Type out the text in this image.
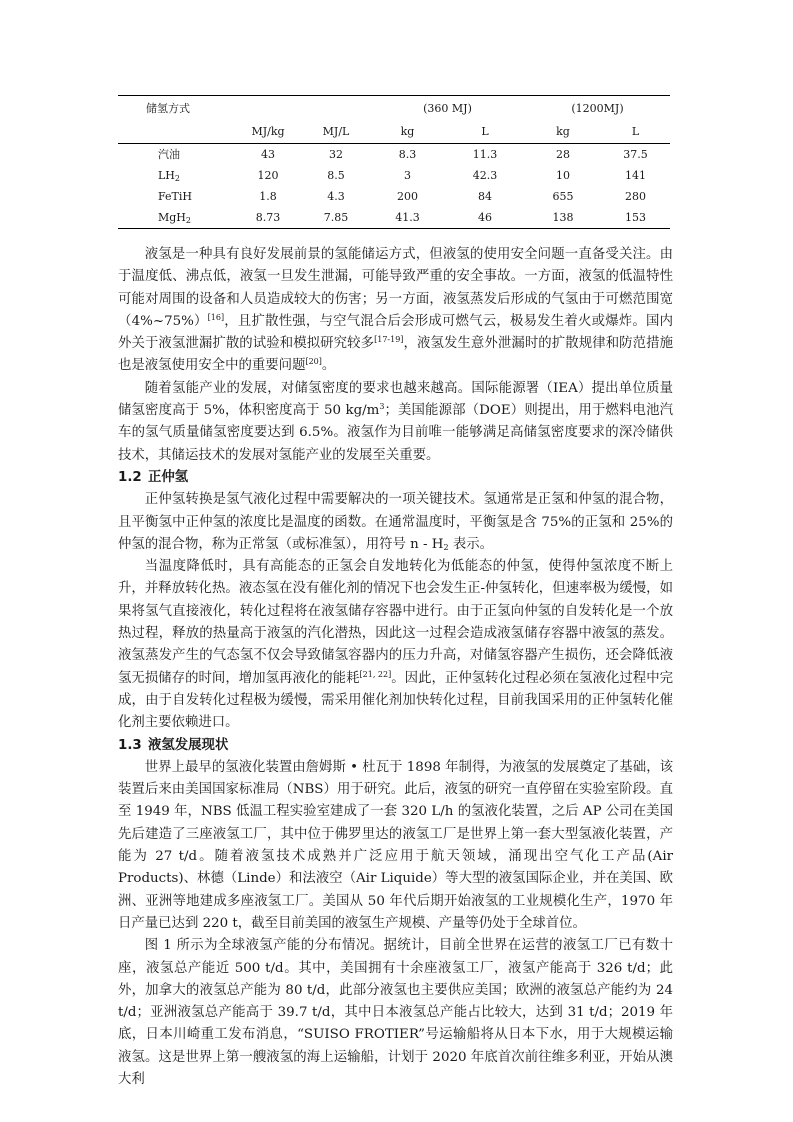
储氢方式			(360 MJ)		(1200MJ)	
	MJ/kg	MJ/L	kg	L	kg	L
汽油	43	32	8.3	11.3	28	37.5
$LH_2$	120	8.5	3	42.3	10	141
FeTiH	1.8	4.3	200	84	655	280
MgH$_2$	8.73	7.85	41.3	46	138	153

液氢是一种具有良好发展前景的氢能储运方式，但液氢的使用安全问题一直备受关注。由于温度低、沸点低，液氢一旦发生泄漏，可能导致严重的安全事故。一方面，液氢的低温特性可能对周围的设备和人员造成较大的伤害；另一方面，液氢蒸发后形成的气氢由于可燃范围宽（4%~75%）[16]，且扩散性强，与空气混合后会形成可燃气云，极易发生着火或爆炸。国内外关于液氢泄漏扩散的试验和模拟研究较多[17-19]，液氢发生意外泄漏时的扩散规律和防范措施也是液氢使用安全中的重要问题[20]。

随着氢能产业的发展，对储氢密度的要求也越来越高。国际能源署（IEA）提出单位质量储氢密度高于 5%，体积密度高于 50 $kg/m^3$；美国能源部（DOE）则提出，用于燃料电池汽车的氢气质量储氢密度要达到 6.5%。液氢作为目前唯一能够满足高储氢密度要求的深冷储供技术，其储运技术的发展对氢能产业的发展至关重要。

1.2 正仲氢

正仲氢转换是氢气液化过程中需要解决的一项关键技术。氢通常是正氢和仲氢的混合物，且平衡氢中正仲氢的浓度比是温度的函数。在通常温度时，平衡氢是含 75%的正氢和 25%的仲氢的混合物，称为正常氢（或标准氢），用符号 n - $H_2$ 表示。

当温度降低时，具有高能态的正氢会自发地转化为低能态的仲氢，使得仲氢浓度不断上升，并释放转化热。液态氢在没有催化剂的情况下也会发生正-仲氢转化，但速率极为缓慢，如果将氢气直接液化，转化过程将在液氢储存容器中进行。由于正氢向仲氢的自发转化是一个放热过程，释放的热量高于液氢的汽化潜热，因此这一过程会造成液氢储存容器中液氢的蒸发。液氢蒸发产生的气态氢不仅会导致储氢容器内的压力升高，对储氢容器产生损伤，还会降低液氢无损储存的时间，增加氢再液化的能耗[21, 22]。因此，正仲氢转化过程必须在氢液化过程中完成，由于自发转化过程极为缓慢，需采用催化剂加快转化过程，目前我国采用的正仲氢转化催化剂主要依赖进口。

1.3 液氢发展现状

世界上最早的氢液化装置由詹姆斯 • 杜瓦于 1898 年制得，为液氢的发展奠定了基础，该装置后来由美国国家标准局（NBS）用于研究。此后，液氢的研究一直停留在实验室阶段。直至 1949 年，NBS 低温工程实验室建成了一套 320 L/h 的氢液化装置，之后 AP 公司在美国先后建造了三座液氢工厂，其中位于佛罗里达的液氢工厂是世界上第一套大型氢液化装置，产能为 27 t/d。随着液氢技术成熟并广泛应用于航天领域，涌现出空气化工产品(Air Products)、林德（Linde）和法液空（Air Liquide）等大型的液氢国际企业，并在美国、欧洲、亚洲等地建成多座液氢工厂。美国从 50 年代后期开始液氢的工业规模化生产，1970 年日产量已达到 220 t，截至目前美国的液氢生产规模、产量等仍处于全球首位。

图 1 所示为全球液氢产能的分布情况。据统计，目前全世界在运营的液氢工厂已有数十座，液氢总产能近 500 t/d。其中，美国拥有十余座液氢工厂，液氢产能高于 326 t/d；此外，加拿大的液氢总产能为 80 t/d，此部分液氢也主要供应美国；欧洲的液氢总产能约为 24 t/d；亚洲液氢总产能高于 39.7 t/d，其中日本液氢总产能占比较大，达到 31 t/d；2019 年底，日本川崎重工发布消息，“SUISO FROTIER”号运输船将从日本下水，用于大规模运输液氢。这是世界上第一艘液氢的海上运输船，计划于 2020 年底首次前往维多利亚，开始从澳大利
